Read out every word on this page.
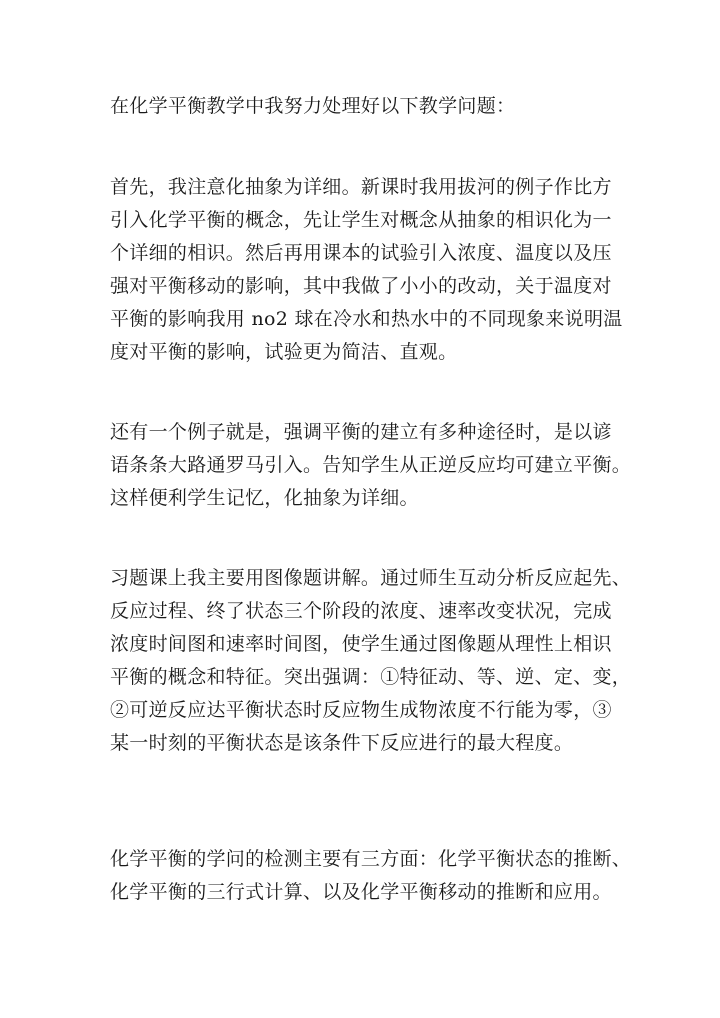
在化学平衡教学中我努力处理好以下教学问题：

首先，我注意化抽象为详细。新课时我用拔河的例子作比方
引入化学平衡的概念，先让学生对概念从抽象的相识化为一
个详细的相识。然后再用课本的试验引入浓度、温度以及压
强对平衡移动的影响，其中我做了小小的改动，关于温度对
平衡的影响我用 no2 球在冷水和热水中的不同现象来说明温
度对平衡的影响，试验更为简洁、直观。

还有一个例子就是，强调平衡的建立有多种途径时，是以谚
语条条大路通罗马引入。告知学生从正逆反应均可建立平衡。
这样便利学生记忆，化抽象为详细。

习题课上我主要用图像题讲解。通过师生互动分析反应起先、
反应过程、终了状态三个阶段的浓度、速率改变状况，完成
浓度时间图和速率时间图，使学生通过图像题从理性上相识
平衡的概念和特征。突出强调：①特征动、等、逆、定、变，
②可逆反应达平衡状态时反应物生成物浓度不行能为零，③
某一时刻的平衡状态是该条件下反应进行的最大程度。

化学平衡的学问的检测主要有三方面：化学平衡状态的推断、
化学平衡的三行式计算、以及化学平衡移动的推断和应用。
